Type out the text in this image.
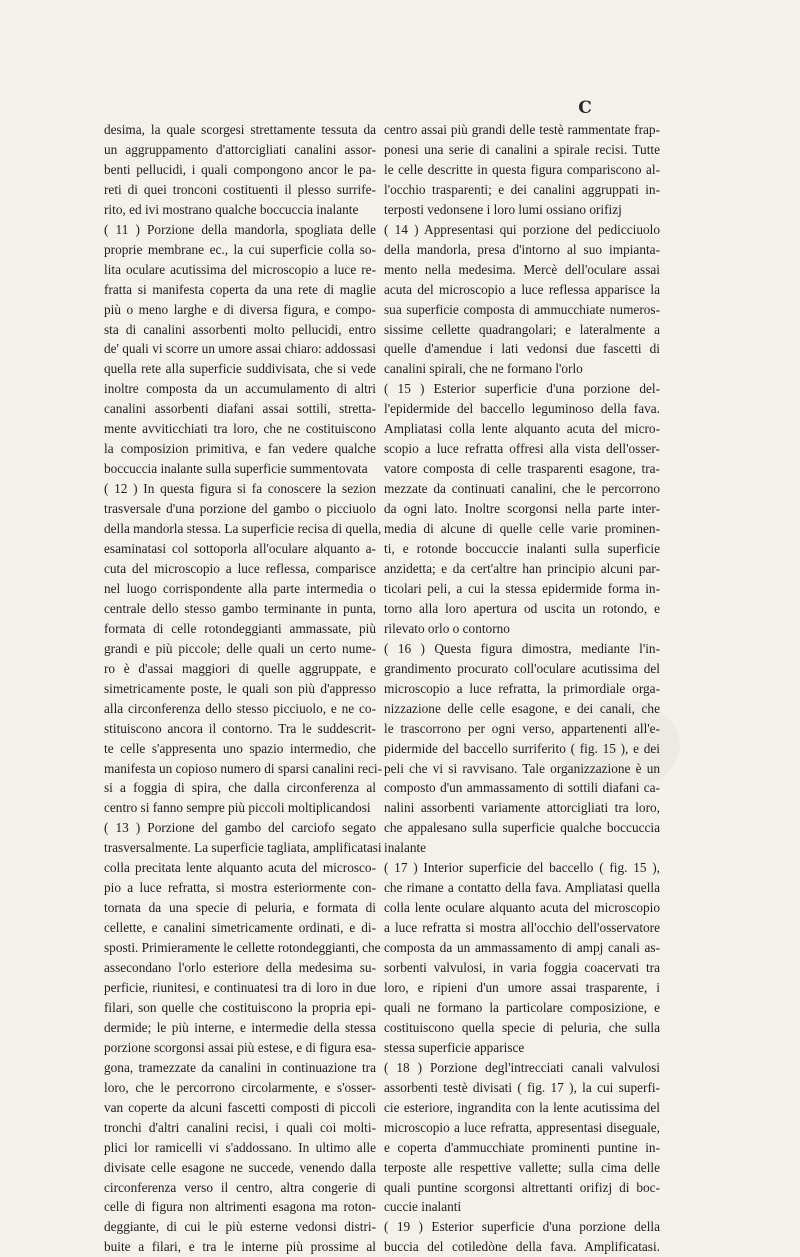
C
desima, la quale scorgesi strettamente tessuta da
un aggruppamento d'attorcigliati canalini assor-
benti pellucidi, i quali compongono ancor le pa-
reti di quei tronconi costituenti il plesso surrife-
rito, ed ivi mostrano qualche boccuccia inalante
( 11 ) Porzione della mandorla, spogliata delle
proprie membrane ec., la cui superficie colla so-
lita oculare acutissima del microscopio a luce re-
fratta si manifesta coperta da una rete di maglie
più o meno larghe e di diversa figura, e compo-
sta di canalini assorbenti molto pellucidi, entro
de' quali vi scorre un umore assai chiaro: addossasi
quella rete alla superficie suddivisata, che si vede
inoltre composta da un accumulamento di altri
canalini assorbenti diafani assai sottili, stretta-
mente avviticchiati tra loro, che ne costituiscono
la composizion primitiva, e fan vedere qualche
boccuccia inalante sulla superficie summentovata
( 12 ) In questa figura si fa conoscere la sezion
trasversale d'una porzione del gambo o picciuolo
della mandorla stessa. La superficie recisa di quella,
esaminatasi col sottoporla all'oculare alquanto a-
cuta del microscopio a luce reflessa, comparisce
nel luogo corrispondente alla parte intermedia o
centrale dello stesso gambo terminante in punta,
formata di celle rotondeggianti ammassate, più
grandi e più piccole; delle quali un certo nume-
ro è d'assai maggiori di quelle aggruppate, e
simetricamente poste, le quali son più d'appresso
alla circonferenza dello stesso picciuolo, e ne co-
stituiscono ancora il contorno. Tra le suddescrit-
te celle s'appresenta uno spazio intermedio, che
manifesta un copioso numero di sparsi canalini reci-
si a foggia di spira, che dalla circonferenza al
centro si fanno sempre più piccoli moltiplicandosi
( 13 ) Porzione del gambo del carciofo segato
trasversalmente. La superficie tagliata, amplificatasi
colla precitata lente alquanto acuta del microsco-
pio a luce refratta, si mostra esteriormente con-
tornata da una specie di peluria, e formata di
cellette, e canalini simetricamente ordinati, e di-
sposti. Primieramente le cellette rotondeggianti, che
assecondano l'orlo esteriore della medesima su-
perficie, riunitesi, e continuatesi tra di loro in due
filari, son quelle che costituiscono la propria epi-
dermide; le più interne, e intermedie della stessa
porzione scorgonsi assai più estese, e di figura esa-
gona, tramezzate da canalini in continuazione tra
loro, che le percorrono circolarmente, e s'osser-
van coperte da alcuni fascetti composti di piccoli
tronchi d'altri canalini recisi, i quali coi molti-
plici lor ramicelli vi s'addossano. In ultimo alle
divisate celle esagone ne succede, venendo dalla
circonferenza verso il centro, altra congerie di
celle di figura non altrimenti esagona ma roton-
deggiante, di cui le più esterne vedonsi distri-
buite a filari, e tra le interne più prossime al
centro assai più grandi delle testè rammentate frap-
ponesi una serie di canalini a spirale recisi. Tutte
le celle descritte in questa figura compariscono al-
l'occhio trasparenti; e dei canalini aggruppati in-
terposti vedonsene i loro lumi ossiano orifizj
( 14 ) Appresentasi qui porzione del pedicciuolo
della mandorla, presa d'intorno al suo impianta-
mento nella medesima. Mercè dell'oculare assai
acuta del microscopio a luce reflessa apparisce la
sua superficie composta di ammucchiate numeros-
sissime cellette quadrangolari; e lateralmente a
quelle d'amendue i lati vedonsi due fascetti di
canalini spirali, che ne formano l'orlo
( 15 ) Esterior superficie d'una porzione del-
l'epidermide del baccello leguminoso della fava.
Ampliatasi colla lente alquanto acuta del micro-
scopio a luce refratta offresi alla vista dell'osser-
vatore composta di celle trasparenti esagone, tra-
mezzate da continuati canalini, che le percorrono
da ogni lato. Inoltre scorgonsi nella parte inter-
media di alcune di quelle celle varie prominen-
ti, e rotonde boccuccie inalanti sulla superficie
anzidetta; e da cert'altre han principio alcuni par-
ticolari peli, a cui la stessa epidermide forma in-
torno alla loro apertura od uscita un rotondo, e
rilevato orlo o contorno
( 16 ) Questa figura dimostra, mediante l'in-
grandimento procurato coll'oculare acutissima del
microscopio a luce refratta, la primordiale orga-
nizzazione delle celle esagone, e dei canali, che
le trascorrono per ogni verso, appartenenti all'e-
pidermide del baccello surriferito ( fig. 15 ), e dei
peli che vi si ravvisano. Tale organizzazione è un
composto d'un ammassamento di sottili diafani ca-
nalini assorbenti variamente attorcigliati tra loro,
che appalesano sulla superficie qualche boccuccia
inalante
( 17 ) Interior superficie del baccello ( fig. 15 ),
che rimane a contatto della fava. Ampliatasi quella
colla lente oculare alquanto acuta del microscopio
a luce refratta si mostra all'occhio dell'osservatore
composta da un ammassamento di ampj canali as-
sorbenti valvulosi, in varia foggia coacervati tra
loro, e ripieni d'un umore assai trasparente, i
quali ne formano la particolare composizione, e
costituiscono quella specie di peluria, che sulla
stessa superficie apparisce
( 18 ) Porzione degl'intrecciati canali valvulosi
assorbenti testè divisati ( fig. 17 ), la cui superfi-
cie esteriore, ingrandita con la lente acutissima del
microscopio a luce refratta, appresentasi diseguale,
e coperta d'ammucchiate prominenti puntine in-
terposte alle respettive vallette; sulla cima delle
quali puntine scorgonsi altrettanti orifizj di boc-
cuccie inalanti
( 19 ) Esterior superficie d'una porzione della
buccia del cotiledòne della fava. Amplificatasi.
